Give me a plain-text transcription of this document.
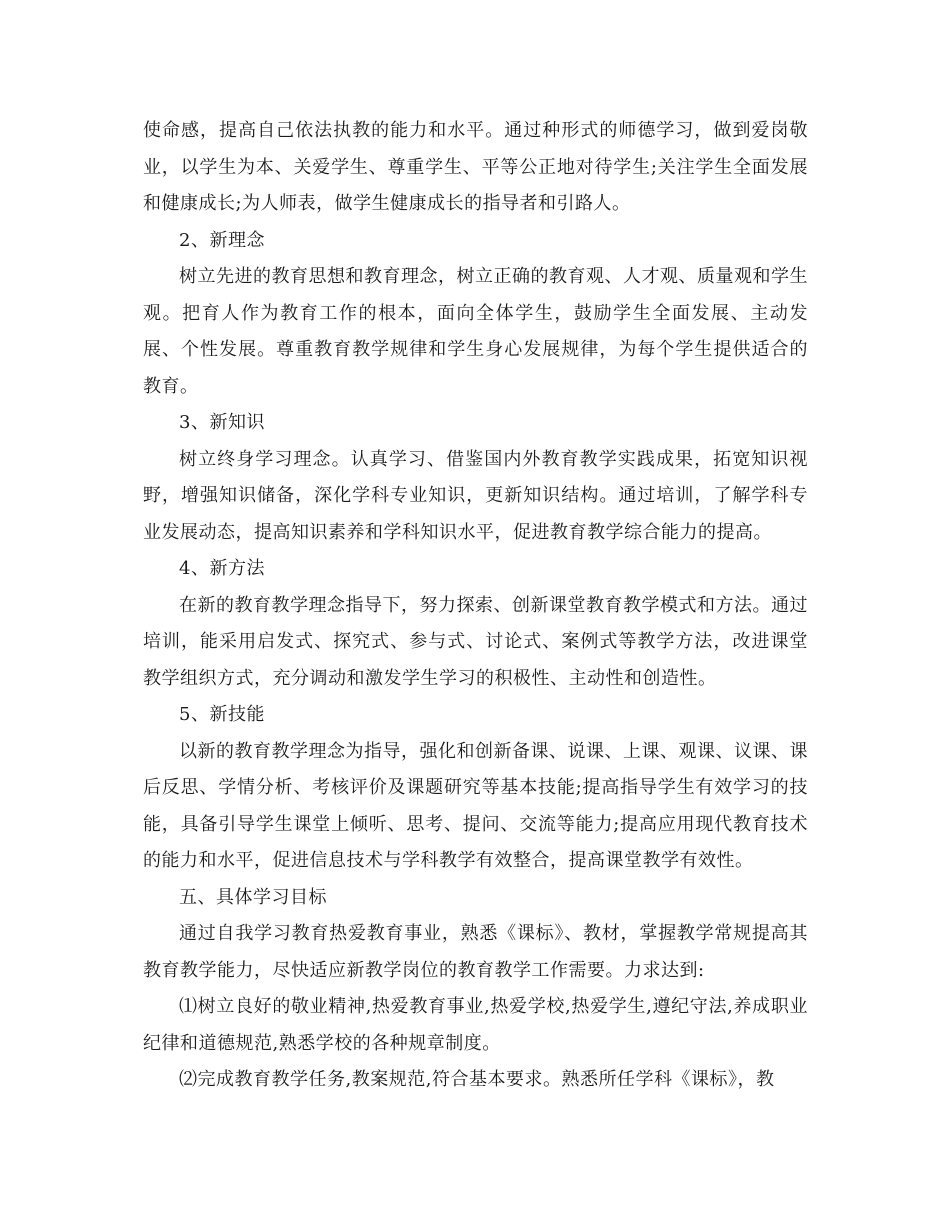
使命感，提高自己依法执教的能力和水平。通过种形式的师德学习，做到爱岗敬业，以学生为本、关爱学生、尊重学生、平等公正地对待学生;关注学生全面发展和健康成长;为人师表，做学生健康成长的指导者和引路人。

2、新理念

树立先进的教育思想和教育理念，树立正确的教育观、人才观、质量观和学生观。把育人作为教育工作的根本，面向全体学生，鼓励学生全面发展、主动发展、个性发展。尊重教育教学规律和学生身心发展规律，为每个学生提供适合的教育。

3、新知识

树立终身学习理念。认真学习、借鉴国内外教育教学实践成果，拓宽知识视野，增强知识储备，深化学科专业知识，更新知识结构。通过培训，了解学科专业发展动态，提高知识素养和学科知识水平，促进教育教学综合能力的提高。

4、新方法

在新的教育教学理念指导下，努力探索、创新课堂教育教学模式和方法。通过培训，能采用启发式、探究式、参与式、讨论式、案例式等教学方法，改进课堂教学组织方式，充分调动和激发学生学习的积极性、主动性和创造性。

5、新技能

以新的教育教学理念为指导，强化和创新备课、说课、上课、观课、议课、课后反思、学情分析、考核评价及课题研究等基本技能;提高指导学生有效学习的技能，具备引导学生课堂上倾听、思考、提问、交流等能力;提高应用现代教育技术的能力和水平，促进信息技术与学科教学有效整合，提高课堂教学有效性。

五、具体学习目标

通过自我学习教育热爱教育事业，熟悉《课标》、教材，掌握教学常规提高其教育教学能力，尽快适应新教学岗位的教育教学工作需要。力求达到:

⑴树立良好的敬业精神,热爱教育事业,热爱学校,热爱学生,遵纪守法,养成职业纪律和道德规范,熟悉学校的各种规章制度。

⑵完成教育教学任务,教案规范,符合基本要求。熟悉所任学科《课标》，教
